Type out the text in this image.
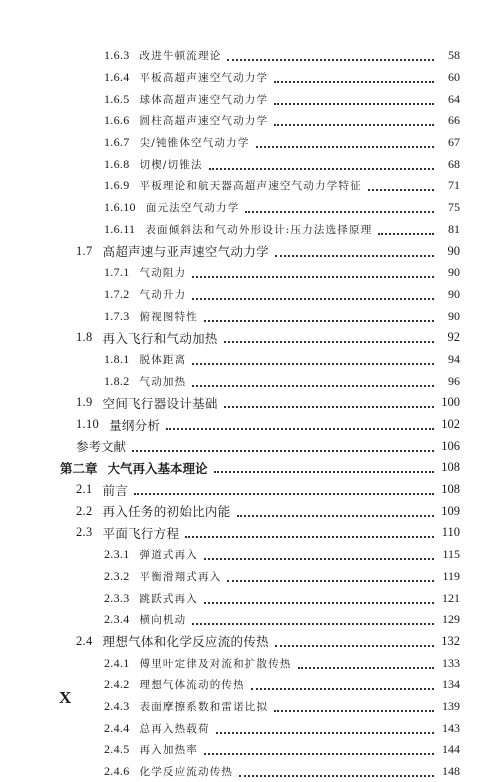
1.6.3 改进牛顿流理论	58
1.6.4 平板高超声速空气动力学	60
1.6.5 球体高超声速空气动力学	64
1.6.6 圆柱高超声速空气动力学	66
1.6.7 尖/钝锥体空气动力学	67
1.6.8 切楔/切锥法	68
1.6.9 平板理论和航天器高超声速空气动力学特征	71
1.6.10 面元法空气动力学	75
1.6.11 表面倾斜法和气动外形设计:压力法选择原理	81
1.7 高超声速与亚声速空气动力学	90
1.7.1 气动阻力	90
1.7.2 气动升力	90
1.7.3 俯视图特性	90
1.8 再入飞行和气动加热	92
1.8.1 脱体距离	94
1.8.2 气动加热	96
1.9 空间飞行器设计基础	100
1.10 量纲分析	102
参考文献	106
第二章 大气再入基本理论	108
2.1 前言	108
2.2 再入任务的初始比内能	109
2.3 平面飞行方程	110
2.3.1 弹道式再入	115
2.3.2 平衡滑翔式再入	119
2.3.3 跳跃式再入	121
2.3.4 横向机动	129
2.4 理想气体和化学反应流的传热	132
2.4.1 傅里叶定律及对流和扩散传热	133
2.4.2 理想气体流动的传热	134
2.4.3 表面摩擦系数和雷诺比拟	139
2.4.4 总再入热载荷	143
2.4.5 再入加热率	144
2.4.6 化学反应流动传热	148
X
